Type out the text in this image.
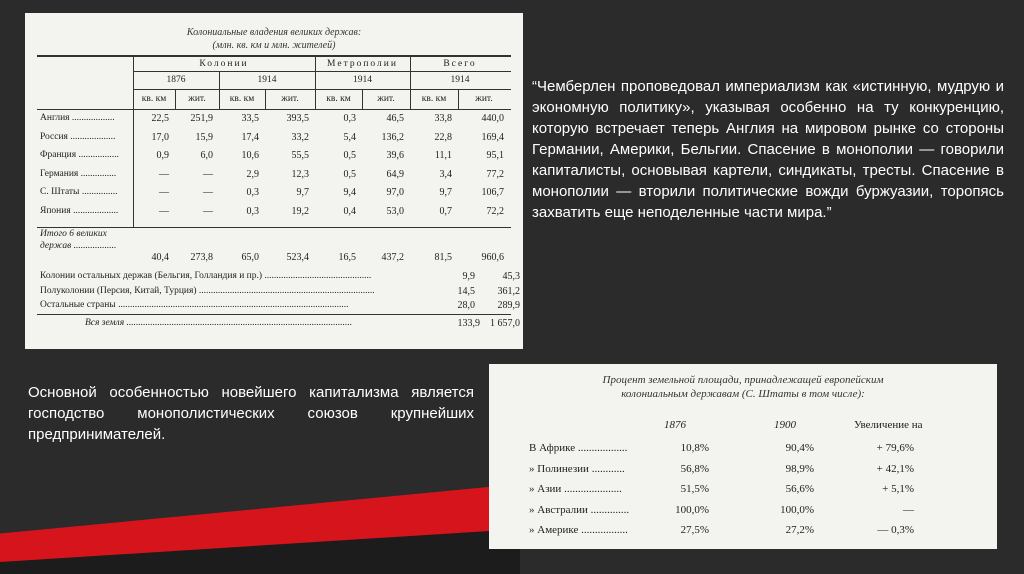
Колониальные владения великих держав:
(млн. кв. км и млн. жителей)
Колонии	Метрополии	Всего
1876	1914	1914	1914
кв. км	жит.	кв. км	жит.	кв. км	жит.	кв. км	жит.
Англия ..................	22,5	251,9	33,5	393,5	0,3	46,5	33,8	440,0
Россия ...................	17,0	15,9	17,4	33,2	5,4	136,2	22,8	169,4
Франция .................	0,9	6,0	10,6	55,5	0,5	39,6	11,1	95,1
Германия ...............	—	—	2,9	12,3	0,5	64,9	3,4	77,2
С. Штаты ...............	—	—	0,3	9,7	9,4	97,0	9,7	106,7
Япония ...................	—	—	0,3	19,2	0,4	53,0	0,7	72,2
Итого 6 великих
держав ..................
40,4	273,8	65,0	523,4	16,5	437,2	81,5	960,6
Колонии остальных держав (Бельгия, Голландия и пр.) .............................................	9,9	45,3
Полуколонии (Персия, Китай, Турция) ..........................................................................	14,5	361,2
Остальные страны .................................................................................................	28,0	289,9
Вся земля ...............................................................................................	133,9	1 657,0
“Чемберлен проповедовал империализм как «истинную, мудрую и экономную политику», указывая особенно на ту конкуренцию, которую встречает теперь Англия на мировом рынке со стороны Германии, Америки, Бельгии. Спасение в монополии — говорили капиталисты, основывая картели, синдикаты, тресты. Спасение в монополии — вторили политические вожди буржуазии, торопясь захватить еще неподеленные части мира.”
Основной особенностью новейшего капитализма является господство монополистических союзов крупнейших предпринимателей.
Процент земельной площади, принадлежащей европейским
колониальным державам (С. Штаты в том числе):
1876	1900	Увеличение на
В Африке ..................	10,8%	90,4%	+ 79,6%
» Полинезии ............	56,8%	98,9%	+ 42,1%
» Азии .....................	51,5%	56,6%	+ 5,1%
» Австралии ..............	100,0%	100,0%	—
» Америке .................	27,5%	27,2%	— 0,3%
